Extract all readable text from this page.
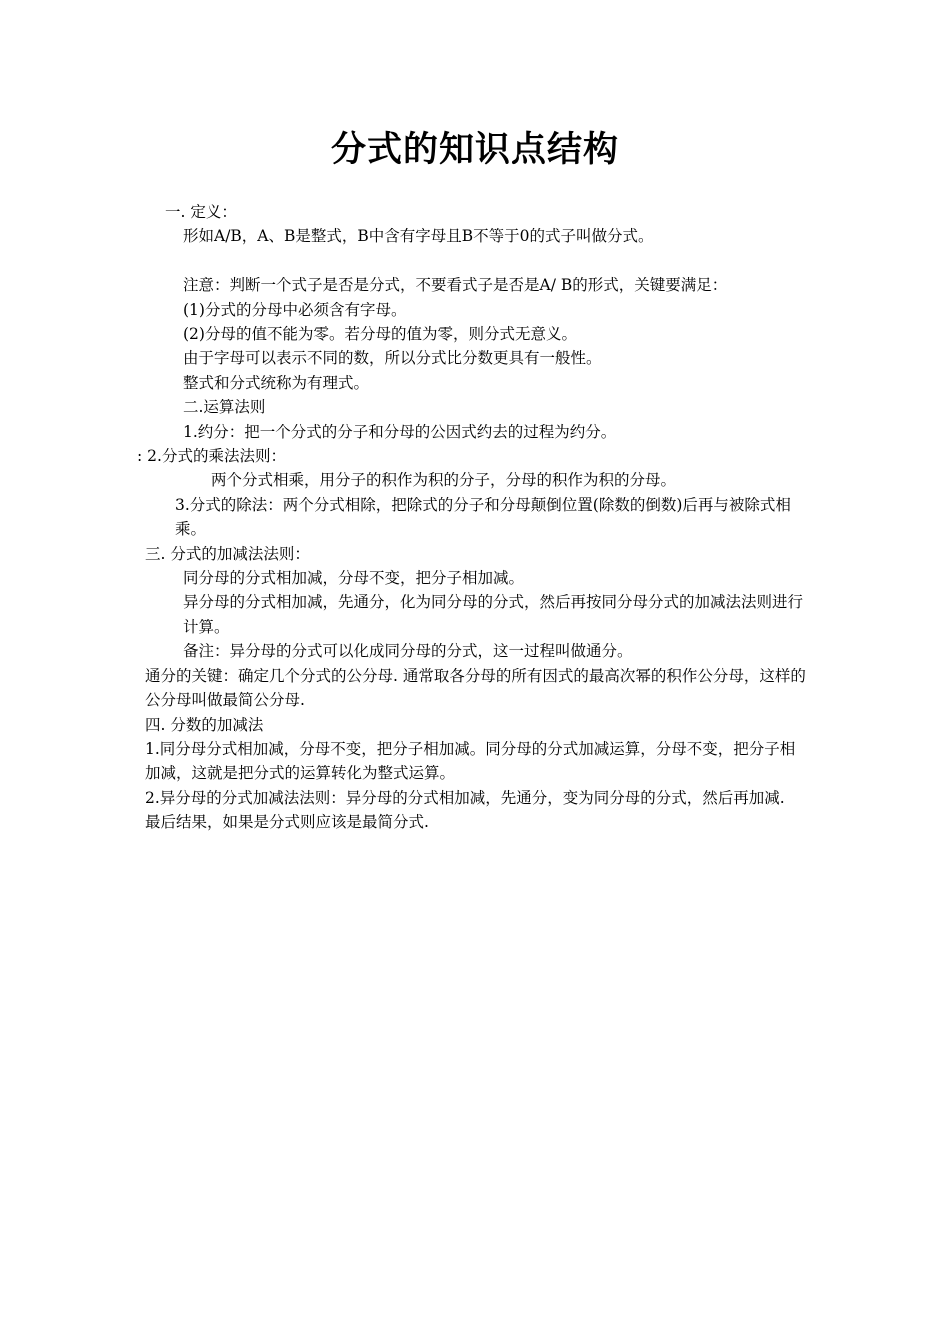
分式的知识点结构
一. 定义：
形如A/B，A、B是整式，B中含有字母且B不等于0的式子叫做分式。
注意：判断一个式子是否是分式，不要看式子是否是A/ B的形式，关键要满足：
(1)分式的分母中必须含有字母。
(2)分母的值不能为零。若分母的值为零，则分式无意义。
由于字母可以表示不同的数，所以分式比分数更具有一般性。
整式和分式统称为有理式。
二.运算法则
1.约分：把一个分式的分子和分母的公因式约去的过程为约分。
: 2.分式的乘法法则：
两个分式相乘，用分子的积作为积的分子，分母的积作为积的分母。
3.分式的除法：两个分式相除，把除式的分子和分母颠倒位置(除数的倒数)后再与被除式相乘。
三. 分式的加减法法则：
同分母的分式相加减，分母不变，把分子相加减。
异分母的分式相加减，先通分，化为同分母的分式，然后再按同分母分式的加减法法则进行计算。
备注：异分母的分式可以化成同分母的分式，这一过程叫做通分。
通分的关键：确定几个分式的公分母. 通常取各分母的所有因式的最高次幂的积作公分母，这样的公分母叫做最简公分母.
四. 分数的加减法
1.同分母分式相加减，分母不变，把分子相加减。同分母的分式加减运算，分母不变，把分子相加减，这就是把分式的运算转化为整式运算。
2.异分母的分式加减法法则：异分母的分式相加减，先通分，变为同分母的分式，然后再加减.
最后结果，如果是分式则应该是最简分式.
